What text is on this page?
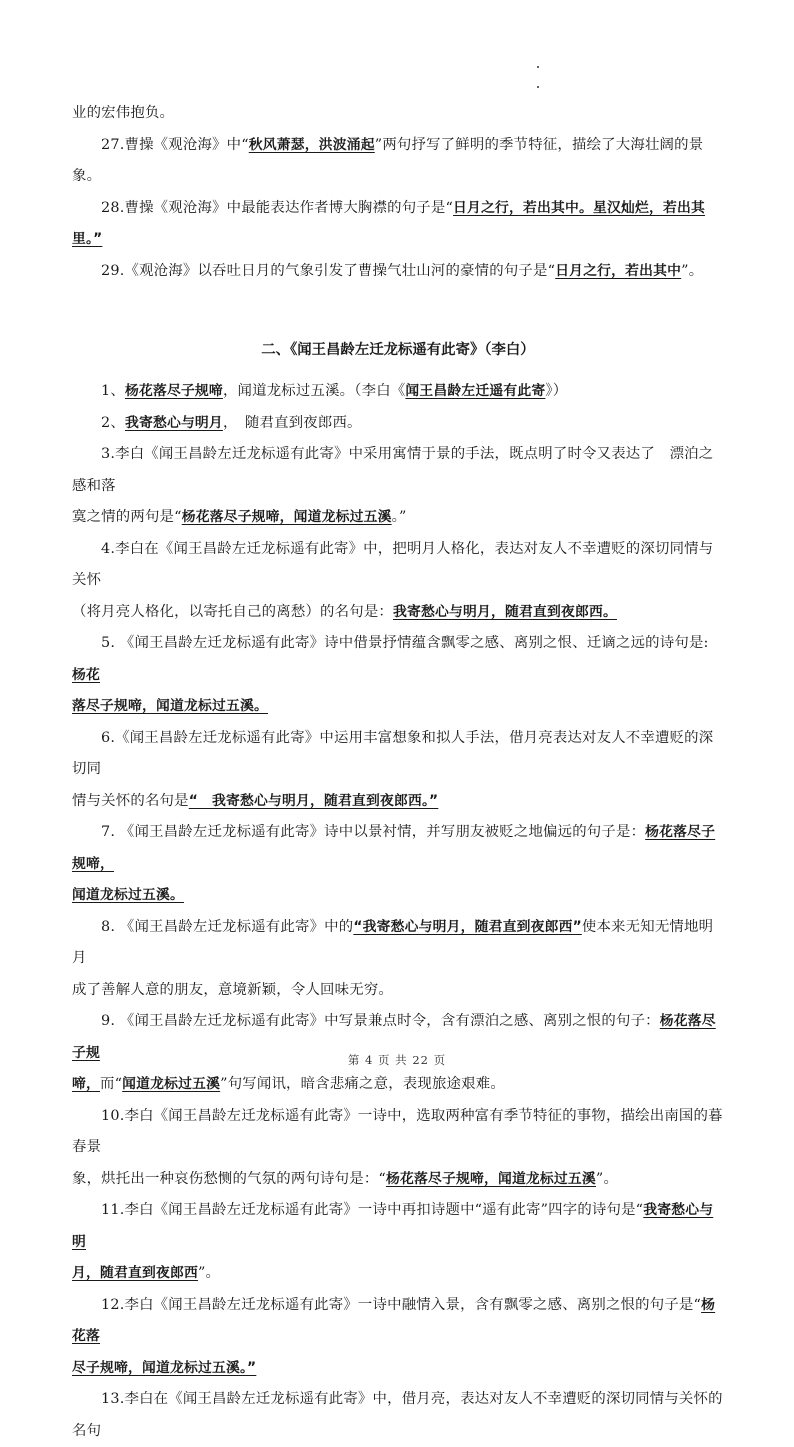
业的宏伟抱负。

27.曹操《观沧海》中“秋风萧瑟，洪波涌起”两句抒写了鲜明的季节特征，描绘了大海壮阔的景象。

28.曹操《观沧海》中最能表达作者博大胸襟的句子是“日月之行，若出其中。星汉灿烂，若出其里。”

29.《观沧海》以吞吐日月的气象引发了曹操气壮山河的豪情的句子是“日月之行，若出其中”。

二、《闻王昌龄左迁龙标遥有此寄》（李白）

1、杨花落尽子规啼，闻道龙标过五溪。（李白《闻王昌龄左迁遥有此寄》）

2、我寄愁心与明月，　随君直到夜郎西。

3.李白《闻王昌龄左迁龙标遥有此寄》中采用寓情于景的手法，既点明了时令又表达了　漂泊之感和落

寞之情的两句是“杨花落尽子规啼，闻道龙标过五溪。”

4.李白在《闻王昌龄左迁龙标遥有此寄》中，把明月人格化，表达对友人不幸遭贬的深切同情与关怀

（将月亮人格化，以寄托自己的离愁）的名句是：我寄愁心与明月，随君直到夜郎西。

5. 《闻王昌龄左迁龙标遥有此寄》诗中借景抒情蕴含飘零之感、离别之恨、迁谪之远的诗句是: 杨花

落尽子规啼，闻道龙标过五溪。

6.《闻王昌龄左迁龙标遥有此寄》中运用丰富想象和拟人手法，借月亮表达对友人不幸遭贬的深切同

情与关怀的名句是“　我寄愁心与明月，随君直到夜郎西。”

7. 《闻王昌龄左迁龙标遥有此寄》诗中以景衬情，并写朋友被贬之地偏远的句子是：杨花落尽子规啼，

闻道龙标过五溪。

8. 《闻王昌龄左迁龙标遥有此寄》中的“我寄愁心与明月，随君直到夜郎西”使本来无知无情地明月

成了善解人意的朋友，意境新颖，令人回味无穷。

9. 《闻王昌龄左迁龙标遥有此寄》中写景兼点时令，含有漂泊之感、离别之恨的句子：杨花落尽子规

啼，而“闻道龙标过五溪”句写闻讯，暗含悲痛之意，表现旅途艰难。

10.李白《闻王昌龄左迁龙标遥有此寄》一诗中，选取两种富有季节特征的事物，描绘出南国的暮春景

象，烘托出一种哀伤愁恻的气氛的两句诗句是：“杨花落尽子规啼，闻道龙标过五溪”。

11.李白《闻王昌龄左迁龙标遥有此寄》一诗中再扣诗题中“遥有此寄”四字的诗句是“我寄愁心与明

月，随君直到夜郎西”。

12.李白《闻王昌龄左迁龙标遥有此寄》一诗中融情入景，含有飘零之感、离别之恨的句子是“杨花落

尽子规啼，闻道龙标过五溪。”

13.李白在《闻王昌龄左迁龙标遥有此寄》中，借月亮，表达对友人不幸遭贬的深切同情与关怀的名句

第 4 页 共 22 页
